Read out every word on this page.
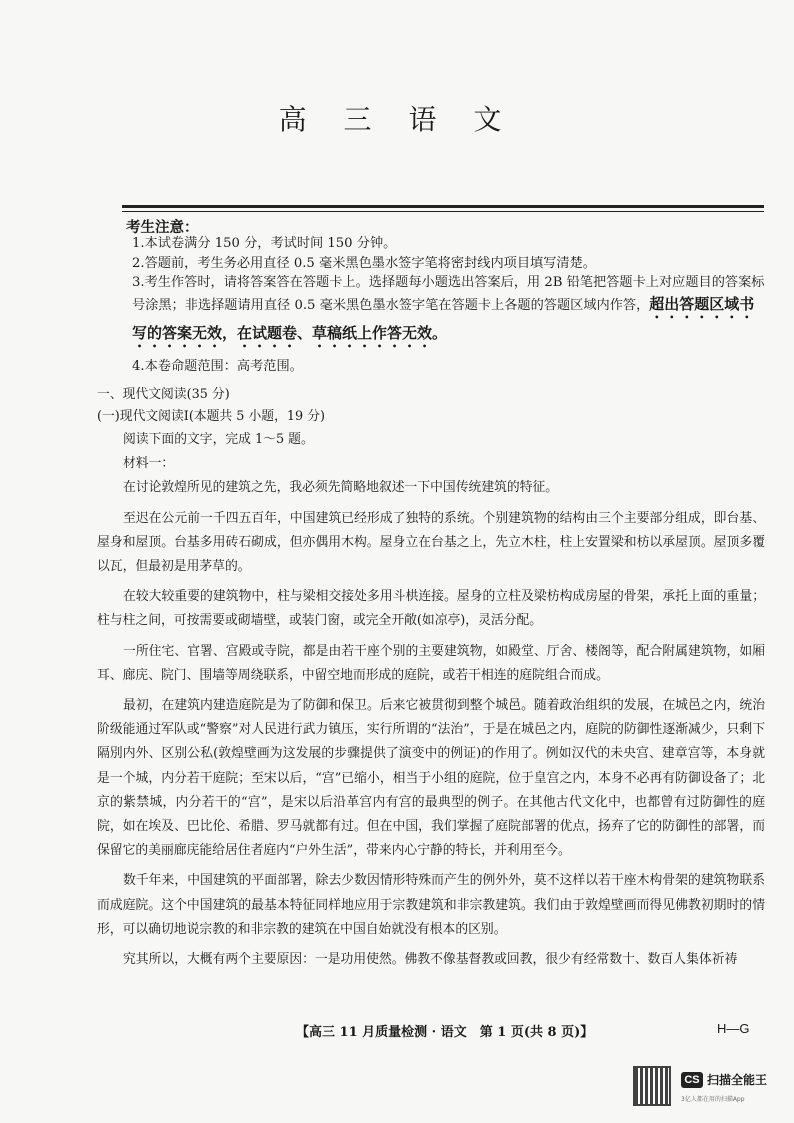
高 三 语 文
考生注意：
1.本试卷满分 150 分，考试时间 150 分钟。
2.答题前，考生务必用直径 0.5 毫米黑色墨水签字笔将密封线内项目填写清楚。
3.考生作答时，请将答案答在答题卡上。选择题每小题选出答案后，用 2B 铅笔把答题卡上对应题目的答案标号涂黑；非选择题请用直径 0.5 毫米黑色墨水签字笔在答题卡上各题的答题区域内作答，超出答题区域书写的答案无效，在试题卷、草稿纸上作答无效。
4.本卷命题范围：高考范围。
一、现代文阅读(35 分)
(一)现代文阅读Ⅰ(本题共 5 小题，19 分)

阅读下面的文字，完成 1～5 题。

材料一：

在讨论敦煌所见的建筑之先，我必须先简略地叙述一下中国传统建筑的特征。

至迟在公元前一千四五百年，中国建筑已经形成了独特的系统。个别建筑物的结构由三个主要部分组成，即台基、屋身和屋顶。台基多用砖石砌成，但亦偶用木构。屋身立在台基之上，先立木柱，柱上安置梁和枋以承屋顶。屋顶多覆以瓦，但最初是用茅草的。

在较大较重要的建筑物中，柱与梁相交接处多用斗栱连接。屋身的立柱及梁枋构成房屋的骨架，承托上面的重量；柱与柱之间，可按需要或砌墙壁，或装门窗，或完全开敞(如凉亭)，灵活分配。

一所住宅、官署、宫殿或寺院，都是由若干座个别的主要建筑物，如殿堂、厅舍、楼阁等，配合附属建筑物，如厢耳、廊庑、院门、围墙等周绕联系，中留空地而形成的庭院，或若干相连的庭院组合而成。

最初，在建筑内建造庭院是为了防御和保卫。后来它被贯彻到整个城邑。随着政治组织的发展，在城邑之内，统治阶级能通过军队或“警察”对人民进行武力镇压，实行所谓的“法治”，于是在城邑之内，庭院的防御性逐渐减少，只剩下隔別内外、区别公私(敦煌壁画为这发展的步骤提供了演变中的例证)的作用了。例如汉代的未央宫、建章宫等，本身就是一个城，内分若干庭院；至宋以后，“宫”已缩小，相当于小组的庭院，位于皇宫之内，本身不必再有防御设备了；北京的紫禁城，内分若干的“宫”，是宋以后沿革宫内有宫的最典型的例子。在其他古代文化中，也都曾有过防御性的庭院，如在埃及、巴比伦、希腊、罗马就都有过。但在中国，我们掌握了庭院部署的优点，扬弃了它的防御性的部署，而保留它的美丽廊庑能给居住者庭内“户外生活”，带来内心宁静的特长，并利用至今。

数千年来，中国建筑的平面部署，除去少数因情形特殊而产生的例外外，莫不这样以若干座木构骨架的建筑物联系而成庭院。这个中国建筑的最基本特征同样地应用于宗教建筑和非宗教建筑。我们由于敦煌壁画而得见佛教初期时的情形，可以确切地说宗教的和非宗教的建筑在中国自始就没有根本的区别。

究其所以，大概有两个主要原因：一是功用使然。佛教不像基督教或回教，很少有经常数十、数百人集体祈祷

【高三 11 月质量检测 · 语文　第 1 页(共 8 页)】	H—G
CS 扫描全能王
3亿人都在用的扫描App
